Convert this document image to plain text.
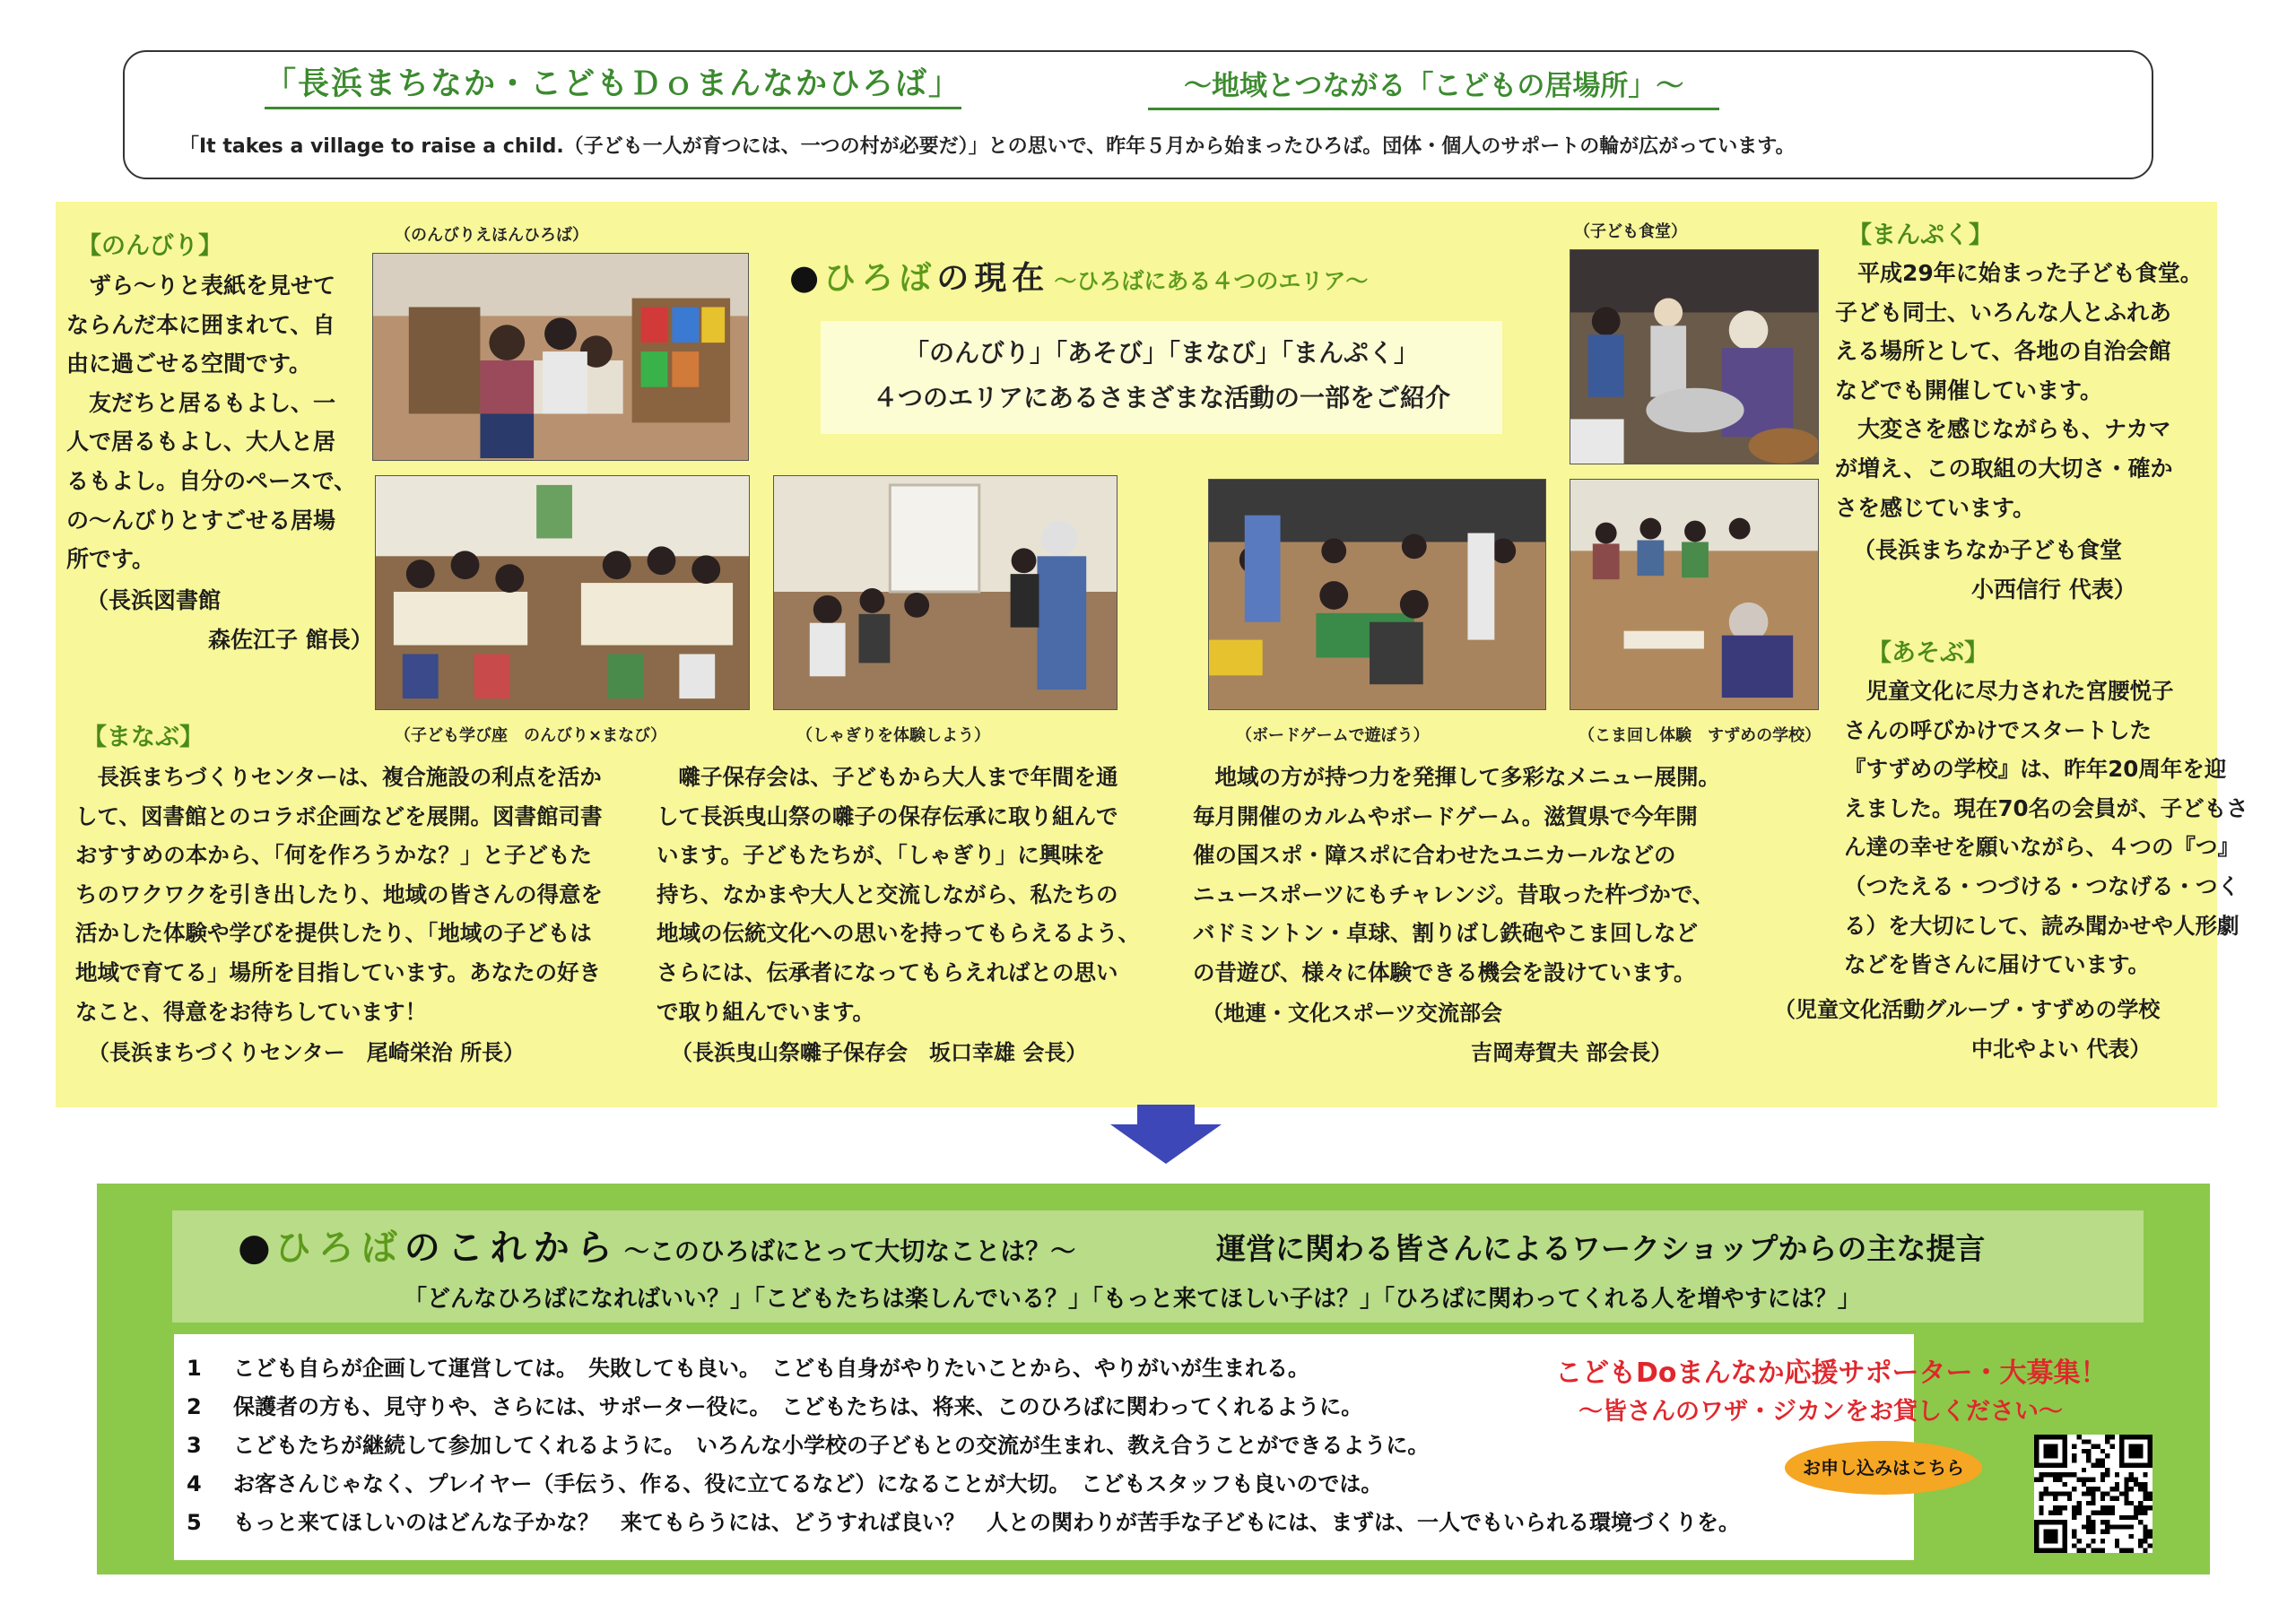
「長浜まちなか・こどもＤｏまんなかひろば」	～地域とつながる「こどもの居場所」～
「It takes a village to raise a child.（子ども一人が育つには、一つの村が必要だ）」との思いで、昨年５月から始まったひろば。団体・個人のサポートの輪が広がっています。
【のんびり】
　ずら～りと表紙を見せて
ならんだ本に囲まれて、自
由に過ごせる空間です。
　友だちと居るもよし、一
人で居るもよし、大人と居
るもよし。自分のペースで、
の～んびりとすごせる居場
所です。
（長浜図書館
森佐江子 館長）
（のんびりえほんひろば）
● ひろばの現在 ～ひろばにある４つのエリア～
「のんびり」「あそび」「まなび」「まんぷく」
４つのエリアにあるさまざまな活動の一部をご紹介
（子ども学び座　のんびり×まなび）	（しゃぎりを体験しよう）	（ボードゲームで遊ぼう）
（子ども食堂）
（こま回し体験　すずめの学校）
【まんぷく】
　平成29年に始まった子ども食堂。
子ども同士、いろんな人とふれあ
える場所として、各地の自治会館
などでも開催しています。
　大変さを感じながらも、ナカマ
が増え、この取組の大切さ・確か
さを感じています。
（長浜まちなか子ども食堂
小西信行 代表）
【あそぶ】
　児童文化に尽力された宮腰悦子
さんの呼びかけでスタートした
『すずめの学校』は、昨年20周年を迎
えました。現在70名の会員が、子どもさ
ん達の幸せを願いながら、４つの『つ』
（つたえる・つづける・つなげる・つく
る）を大切にして、読み聞かせや人形劇
などを皆さんに届けています。
（児童文化活動グループ・すずめの学校
中北やよい 代表）
【まなぶ】
　長浜まちづくりセンターは、複合施設の利点を活か
して、図書館とのコラボ企画などを展開。図書館司書
おすすめの本から、「何を作ろうかな？」と子どもた
ちのワクワクを引き出したり、地域の皆さんの得意を
活かした体験や学びを提供したり、「地域の子どもは
地域で育てる」場所を目指しています。あなたの好き
なこと、得意をお待ちしています！
（長浜まちづくりセンター　尾崎栄治 所長）
　囃子保存会は、子どもから大人まで年間を通
して長浜曳山祭の囃子の保存伝承に取り組んで
います。子どもたちが、「しゃぎり」に興味を
持ち、なかまや大人と交流しながら、私たちの
地域の伝統文化への思いを持ってもらえるよう、
さらには、伝承者になってもらえればとの思い
で取り組んでいます。
（長浜曳山祭囃子保存会　坂口幸雄 会長）
　地域の方が持つ力を発揮して多彩なメニュー展開。
毎月開催のカルムやボードゲーム。滋賀県で今年開
催の国スポ・障スポに合わせたユニカールなどの
ニュースポーツにもチャレンジ。昔取った杵づかで、
バドミントン・卓球、割りばし鉄砲やこま回しなど
の昔遊び、様々に体験できる機会を設けています。
（地連・文化スポーツ交流部会
吉岡寿賀夫 部会長）
● ひろばのこれから ～このひろばにとって大切なことは？～	運営に関わる皆さんによるワークショップからの主な提言
「どんなひろばになればいい？」「こどもたちは楽しんでいる？」「もっと来てほしい子は？」「ひろばに関わってくれる人を増やすには？」
1 こども自らが企画して運営しては。　失敗しても良い。　こども自身がやりたいことから、やりがいが生まれる。
2 保護者の方も、見守りや、さらには、サポーター役に。　こどもたちは、将来、このひろばに関わってくれるように。
3 こどもたちが継続して参加してくれるように。　いろんな小学校の子どもとの交流が生まれ、教え合うことができるように。
4 お客さんじゃなく、プレイヤー（手伝う、作る、役に立てるなど）になることが大切。　こどもスタッフも良いのでは。
5 もっと来てほしいのはどんな子かな？　来てもらうには、どうすれば良い？　人との関わりが苦手な子どもには、まずは、一人でもいられる環境づくりを。
こどもDoまんなか応援サポーター・大募集！
～皆さんのワザ・ジカンをお貸しください～
お申し込みはこちら
